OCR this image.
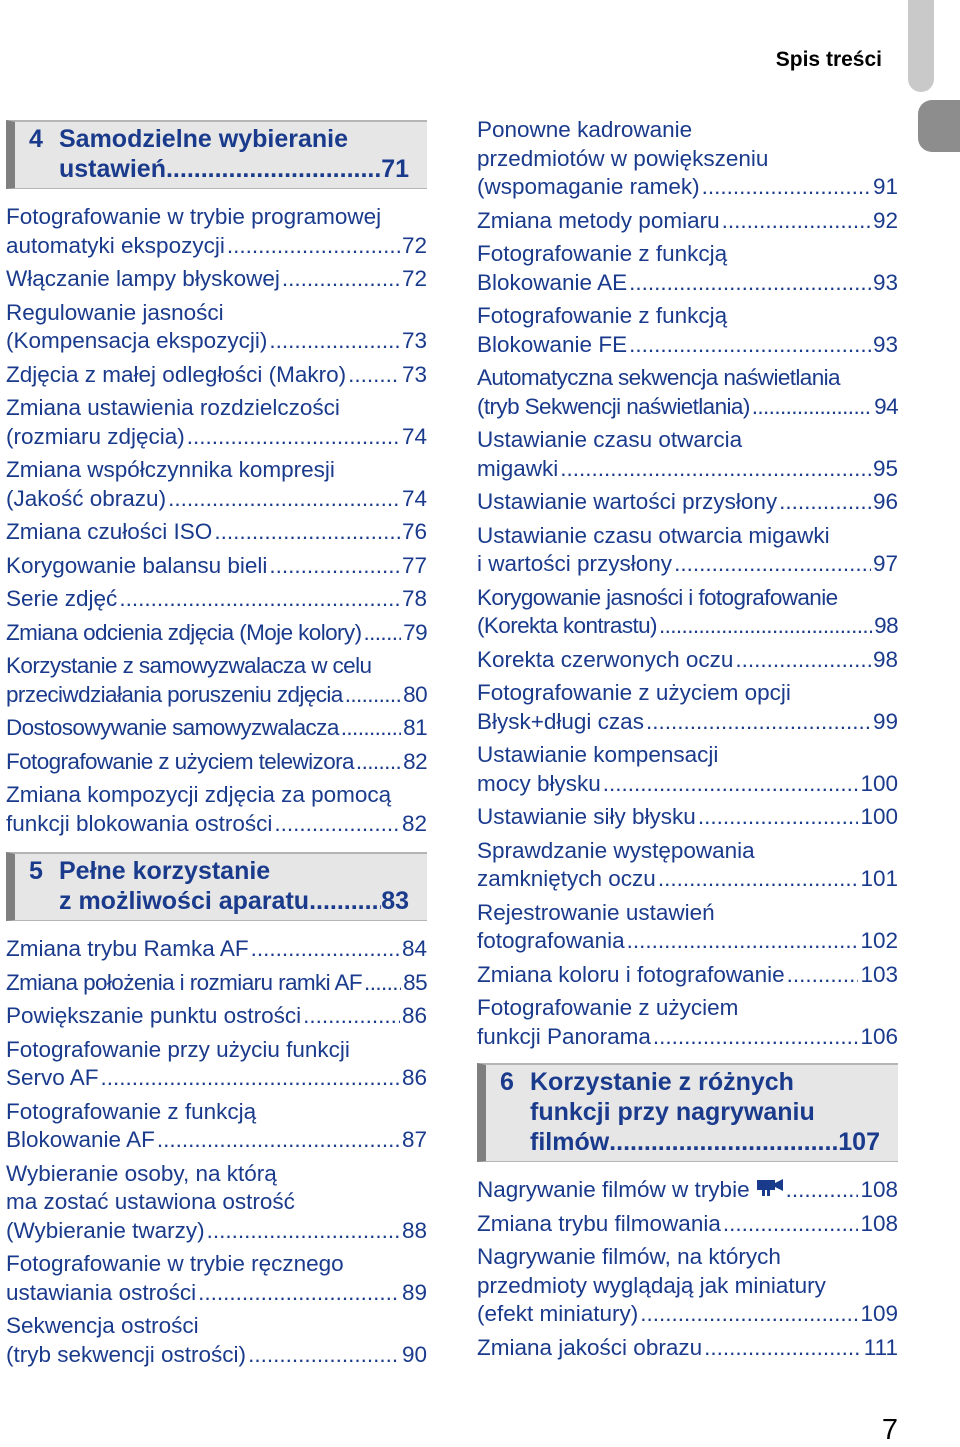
Spis treści
4 Samodzielne wybieranie
ustawień .....	71
Fotografowanie w trybie programowej
automatyki ekspozycji .....	72
Włączanie lampy błyskowej .....	72
Regulowanie jasności
(Kompensacja ekspozycji) .....	73
Zdjęcia z małej odległości (Makro) ..... 73
Zmiana ustawienia rozdzielczości
(rozmiaru zdjęcia) .....	74
Zmiana współczynnika kompresji
(Jakość obrazu) .....	74
Zmiana czułości ISO .....	76
Korygowanie balansu bieli .....	77
Serie zdjęć .....	78
Zmiana odcienia zdjęcia (Moje kolory) ..... 79
Korzystanie z samowyzwalacza w celu
przeciwdziałania poruszeniu zdjęcia .....	80
Dostosowywanie samowyzwalacza .....	81
Fotografowanie z użyciem telewizora ..... 82
Zmiana kompozycji zdjęcia za pomocą
funkcji blokowania ostrości .....	82
5 Pełne korzystanie
z możliwości aparatu .....	83
Zmiana trybu Ramka AF .....	84
Zmiana położenia i rozmiaru ramki AF ..... 85
Powiększanie punktu ostrości .....	86
Fotografowanie przy użyciu funkcji
Servo AF .....	86
Fotografowanie z funkcją
Blokowanie AF .....	87
Wybieranie osoby, na którą
ma zostać ustawiona ostrość
(Wybieranie twarzy) .....	88
Fotografowanie w trybie ręcznego
ustawiania ostrości .....	89
Sekwencja ostrości
(tryb sekwencji ostrości) .....	90
Ponowne kadrowanie
przedmiotów w powiększeniu
(wspomaganie ramek) .....	91
Zmiana metody pomiaru .....	92
Fotografowanie z funkcją
Blokowanie AE .....	93
Fotografowanie z funkcją
Blokowanie FE .....	93
Automatyczna sekwencja naświetlania
(tryb Sekwencji naświetlania) .....	94
Ustawianie czasu otwarcia
migawki .....	95
Ustawianie wartości przysłony .....	96
Ustawianie czasu otwarcia migawki
i wartości przysłony .....	97
Korygowanie jasności i fotografowanie
(Korekta kontrastu) .....	98
Korekta czerwonych oczu .....	98
Fotografowanie z użyciem opcji
Błysk+długi czas .....	99
Ustawianie kompensacji
mocy błysku .....	100
Ustawianie siły błysku .....	100
Sprawdzanie występowania
zamkniętych oczu .....	101
Rejestrowanie ustawień
fotografowania .....	102
Zmiana koloru i fotografowanie .....	103
Fotografowanie z użyciem
funkcji Panorama .....	106
6 Korzystanie z różnych
funkcji przy nagrywaniu
filmów .....	107
Nagrywanie filmów w trybie .....	108
Zmiana trybu filmowania .....	108
Nagrywanie filmów, na których
przedmioty wyglądają jak miniatury
(efekt miniatury) .....	109
Zmiana jakości obrazu .....	111
7
